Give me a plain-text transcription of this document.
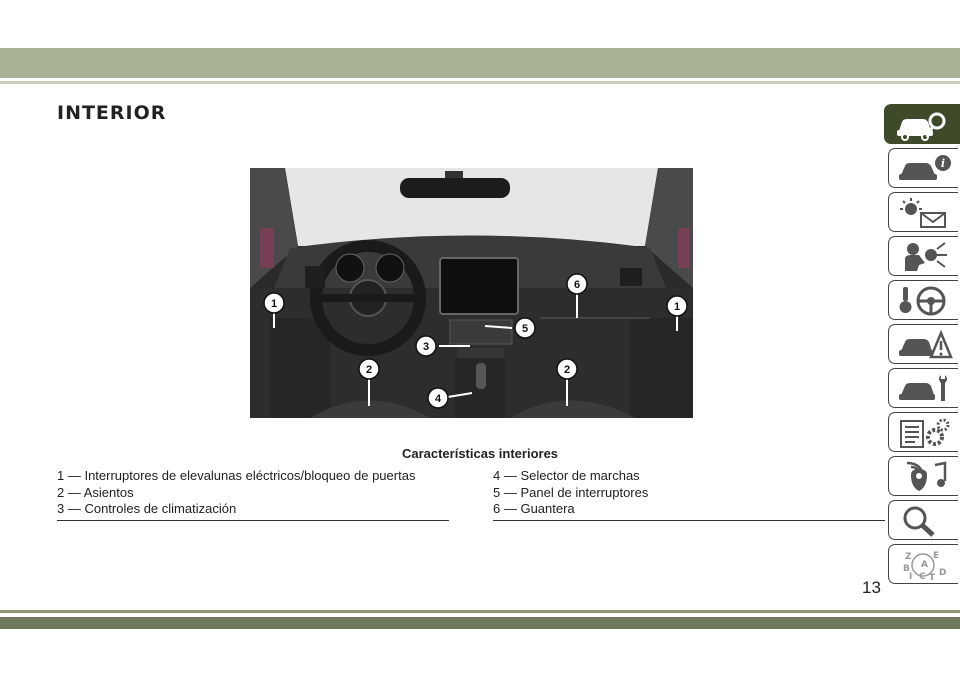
INTERIOR
1	1
2	2
3
4
5
6
Características interiores
1 — Interruptores de elevalunas eléctricos/bloqueo de puertas
2 — Asientos
3 — Controles de climatización
4 — Selector de marchas
5 — Panel de interruptores
6 — Guantera
i
Z E
B A
I C D
T
13
